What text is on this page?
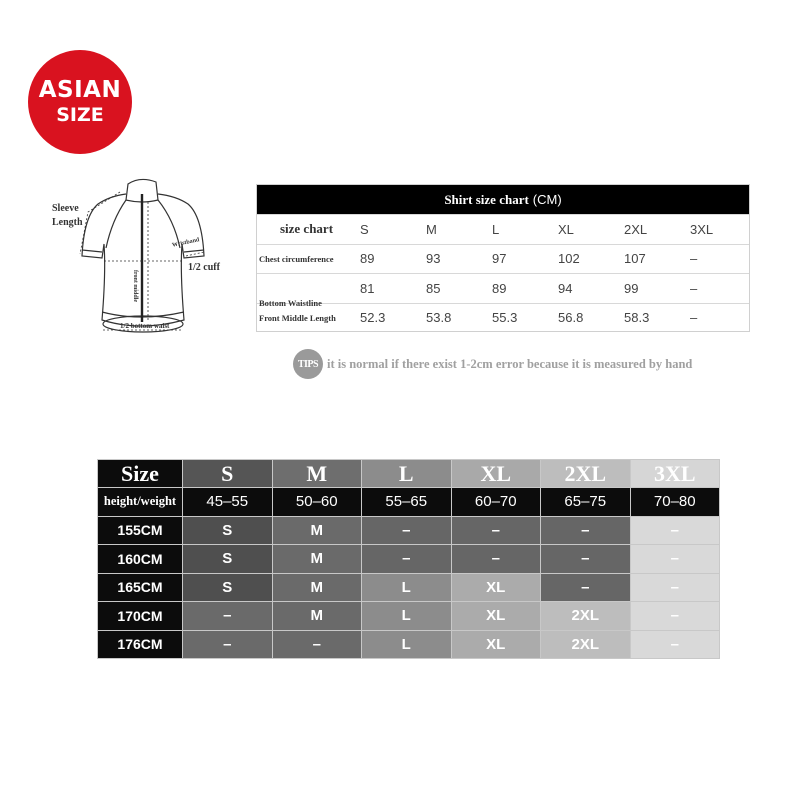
ASIAN
SIZE
Sleeve
Length
Wristband
1/2 cuff
front middle
1/2 bottom waist
Shirt size chart (CM)
size chart	S	M	L	XL	2XL	3XL
Chest circumference	89	93	97	102	107	–
Bottom Waistline
81	85	89	94	99	–
Front Middle Length	52.3	53.8	55.3	56.8	58.3	–
TIPS it is normal if there exist 1-2cm error because it is measured by hand
Size	S	M	L	XL	2XL	3XL
height/weight	45–55	50–60	55–65	60–70	65–75	70–80
155CM	S	M	–	–	–	–
160CM	S	M	–	–	–	–
165CM	S	M	L	XL	–	–
170CM	–	M	L	XL	2XL	–
176CM	–	–	L	XL	2XL	–
